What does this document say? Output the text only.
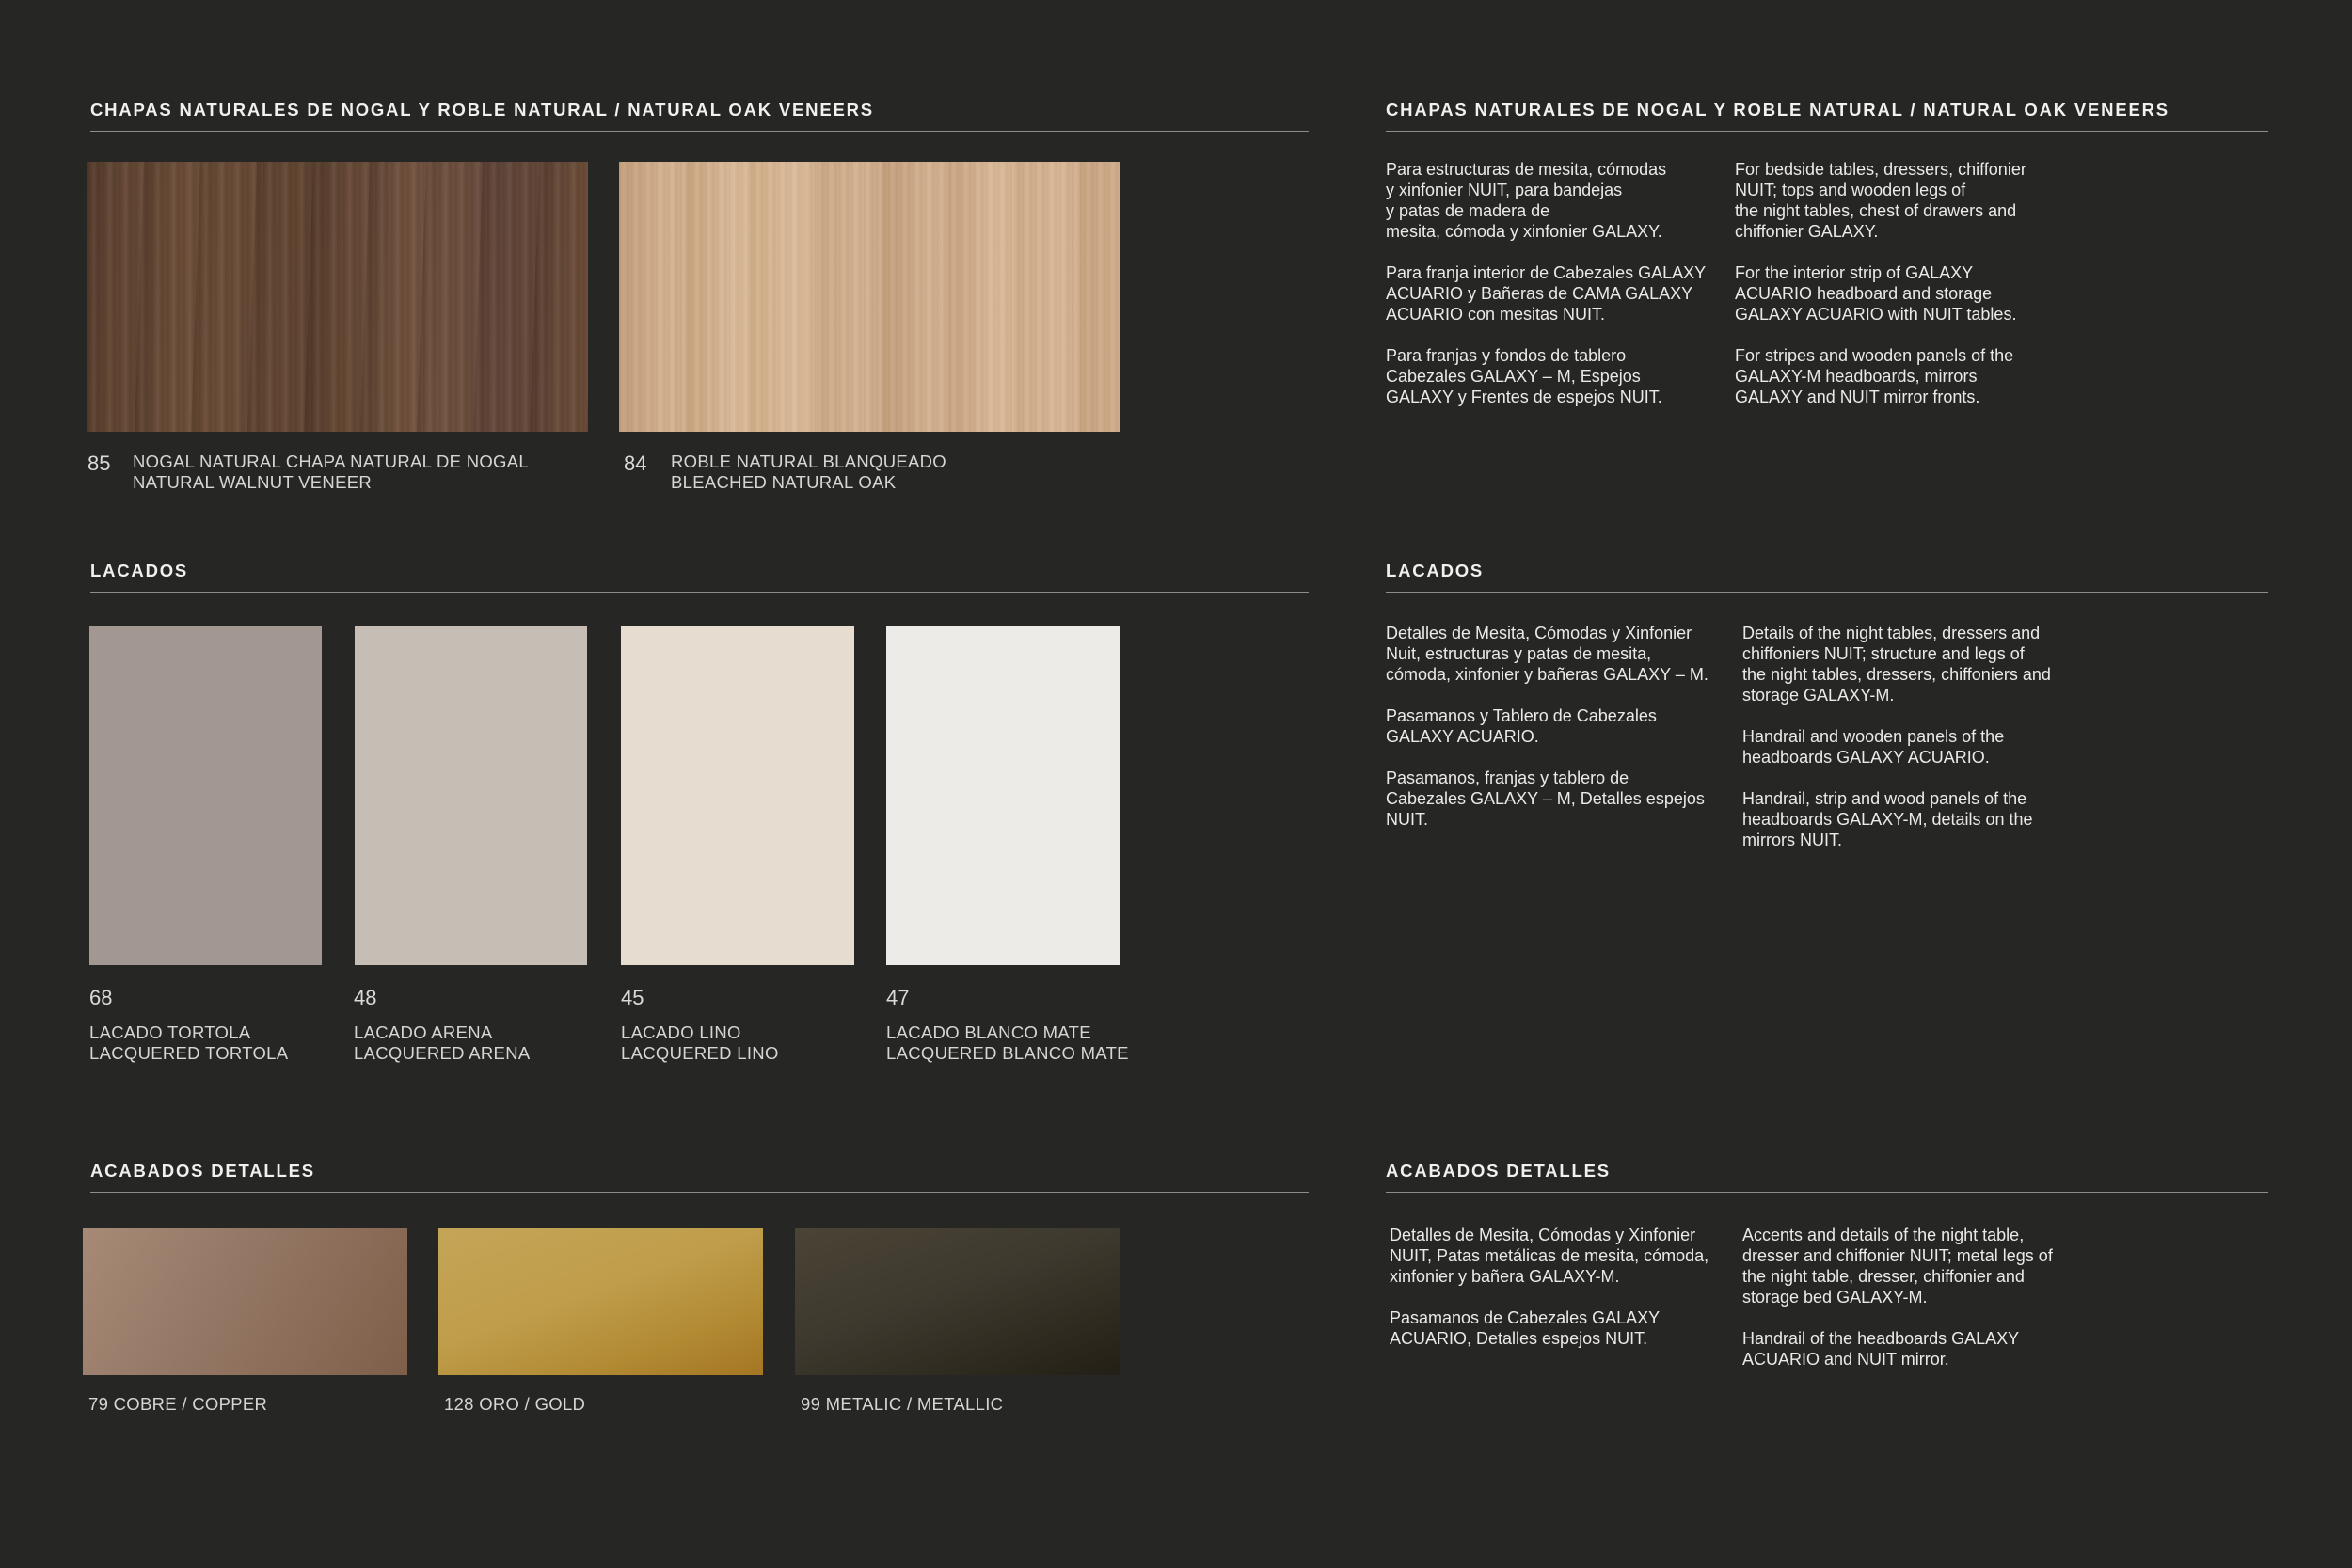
CHAPAS NATURALES DE NOGAL Y ROBLE NATURAL / NATURAL OAK VENEERS	CHAPAS NATURALES DE NOGAL Y ROBLE NATURAL / NATURAL OAK VENEERS
85 NOGAL NATURAL CHAPA NATURAL DE NOGAL
NATURAL WALNUT VENEER
84 ROBLE NATURAL BLANQUEADO
BLEACHED NATURAL OAK
Para estructuras de mesita, cómodas
y xinfonier NUIT, para bandejas
y patas de madera de
mesita, cómoda y xinfonier GALAXY.
Para franja interior de Cabezales GALAXY
ACUARIO y Bañeras de CAMA GALAXY
ACUARIO con mesitas NUIT.
Para franjas y fondos de tablero
Cabezales GALAXY – M, Espejos
GALAXY y Frentes de espejos NUIT.
For bedside tables, dressers, chiffonier
NUIT; tops and wooden legs of
the night tables, chest of drawers and
chiffonier GALAXY.
For the interior strip of GALAXY
ACUARIO headboard and storage
GALAXY ACUARIO with NUIT tables.
For stripes and wooden panels of the
GALAXY-M headboards, mirrors
GALAXY and NUIT mirror fronts.
LACADOS	LACADOS
68
LACADO TORTOLA
LACQUERED TORTOLA
48
LACADO ARENA
LACQUERED ARENA
45
LACADO LINO
LACQUERED LINO
47
LACADO BLANCO MATE
LACQUERED BLANCO MATE
Detalles de Mesita, Cómodas y Xinfonier
Nuit, estructuras y patas de mesita,
cómoda, xinfonier y bañeras GALAXY – M.
Pasamanos y Tablero de Cabezales
GALAXY ACUARIO.
Pasamanos, franjas y tablero de
Cabezales GALAXY – M, Detalles espejos
NUIT.
Details of the night tables, dressers and
chiffoniers NUIT; structure and legs of
the night tables, dressers, chiffoniers and
storage GALAXY-M.
Handrail and wooden panels of the
headboards GALAXY ACUARIO.
Handrail, strip and wood panels of the
headboards GALAXY-M, details on the
mirrors NUIT.
ACABADOS DETALLES	ACABADOS DETALLES
79 COBRE / COPPER	128 ORO / GOLD	99 METALIC / METALLIC
Detalles de Mesita, Cómodas y Xinfonier
NUIT, Patas metálicas de mesita, cómoda,
xinfonier y bañera GALAXY-M.
Pasamanos de Cabezales GALAXY
ACUARIO, Detalles espejos NUIT.
Accents and details of the night table,
dresser and chiffonier NUIT; metal legs of
the night table, dresser, chiffonier and
storage bed GALAXY-M.
Handrail of the headboards GALAXY
ACUARIO and NUIT mirror.
